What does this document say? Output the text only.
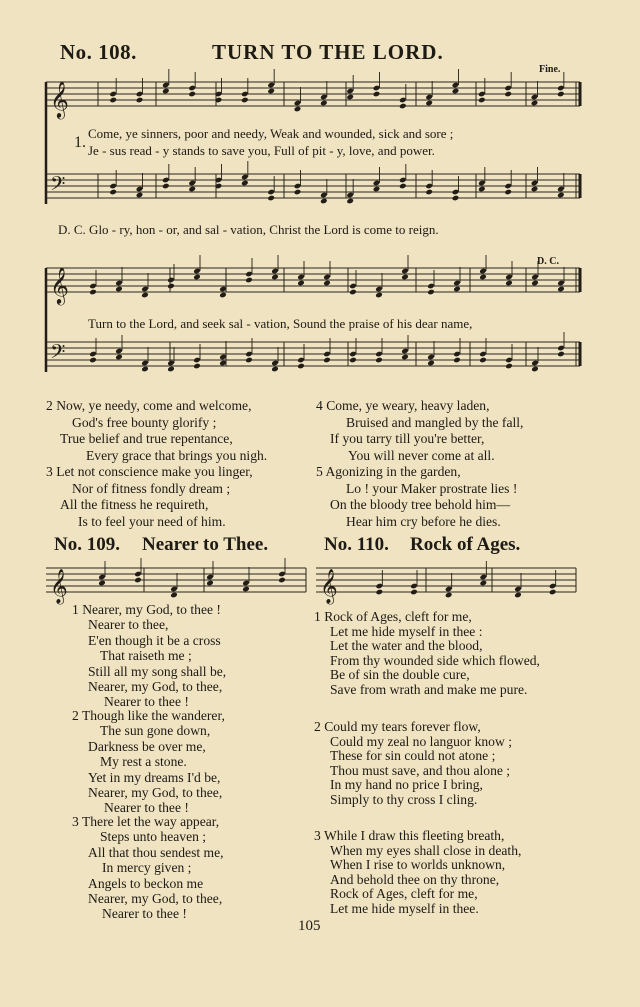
No. 108.	TURN TO THE LORD.
Fine.
𝄞
𝄢
1.
Come, ye sinners, poor and needy, Weak and wounded, sick and sore ;
Je - sus read - y stands to save you, Full of pit - y, love, and power.
D. C. Glo - ry, hon - or, and sal - vation, Christ the Lord is come to reign.
D. C.
𝄞
𝄢
Turn to the Lord, and seek sal - vation, Sound the praise of his dear name,
2 Now, ye needy, come and welcome,
God's free bounty glorify ;
True belief and true repentance,
Every grace that brings you nigh.
3 Let not conscience make you linger,
Nor of fitness fondly dream ;
All the fitness he requireth,
Is to feel your need of him.
4 Come, ye weary, heavy laden,
Bruised and mangled by the fall,
If you tarry till you're better,
You will never come at all.
5 Agonizing in the garden,
Lo ! your Maker prostrate lies !
On the bloody tree behold him—
Hear him cry before he dies.
No. 109. Nearer to Thee.
𝄞
1 Nearer, my God, to thee !
Nearer to thee,
E'en though it be a cross
That raiseth me ;
Still all my song shall be,
Nearer, my God, to thee,
Nearer to thee !
2 Though like the wanderer,
The sun gone down,
Darkness be over me,
My rest a stone.
Yet in my dreams I'd be,
Nearer, my God, to thee,
Nearer to thee !
3 There let the way appear,
Steps unto heaven ;
All that thou sendest me,
In mercy given ;
Angels to beckon me
Nearer, my God, to thee,
Nearer to thee !
No. 110. Rock of Ages.
𝄞
1 Rock of Ages, cleft for me,
Let me hide myself in thee :
Let the water and the blood,
From thy wounded side which flowed,
Be of sin the double cure,
Save from wrath and make me pure.
2 Could my tears forever flow,
Could my zeal no languor know ;
These for sin could not atone ;
Thou must save, and thou alone ;
In my hand no price I bring,
Simply to thy cross I cling.
3 While I draw this fleeting breath,
When my eyes shall close in death,
When I rise to worlds unknown,
And behold thee on thy throne,
Rock of Ages, cleft for me,
Let me hide myself in thee.
105
